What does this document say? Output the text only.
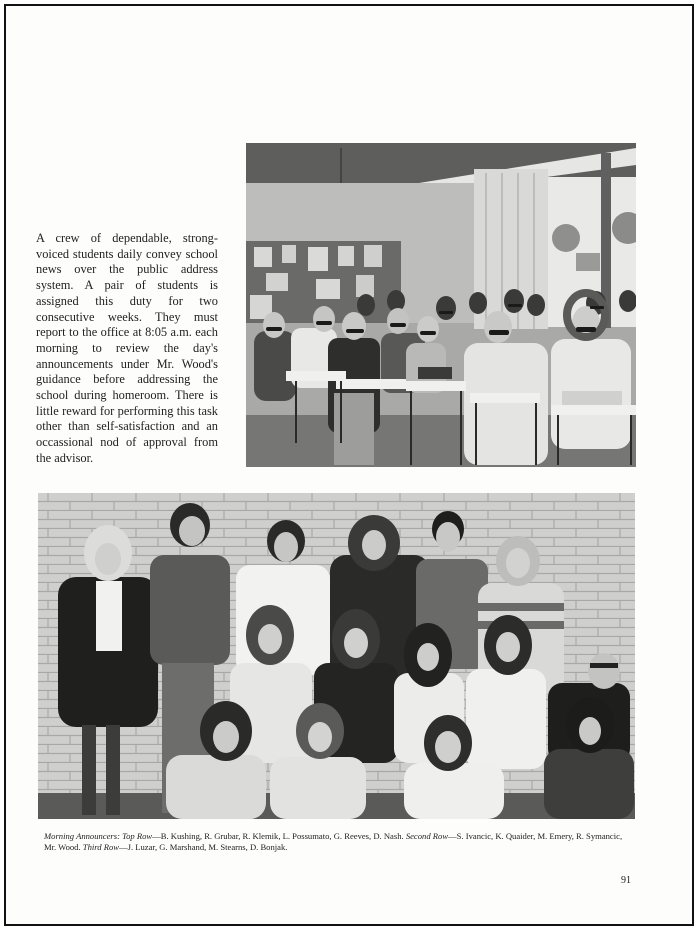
A crew of dependable, strong-voiced students daily convey school news over the public address system. A pair of students is assigned this duty for two consecutive weeks. They must report to the office at 8:05 a.m. each morning to review the day's announcements under Mr. Wood's guidance before addressing the school during homeroom. There is little reward for performing this task other than self-satisfaction and an occassional nod of approval from the advisor.
Morning Announcers: Top Row—B. Kushing, R. Grubar, R. Klemik, L. Possumato, G. Reeves, D. Nash. Second Row—S. Ivancic, K. Quaider, M. Emery, R. Symancic, Mr. Wood. Third Row—J. Luzar, G. Marshand, M. Stearns, D. Bonjak.
91
